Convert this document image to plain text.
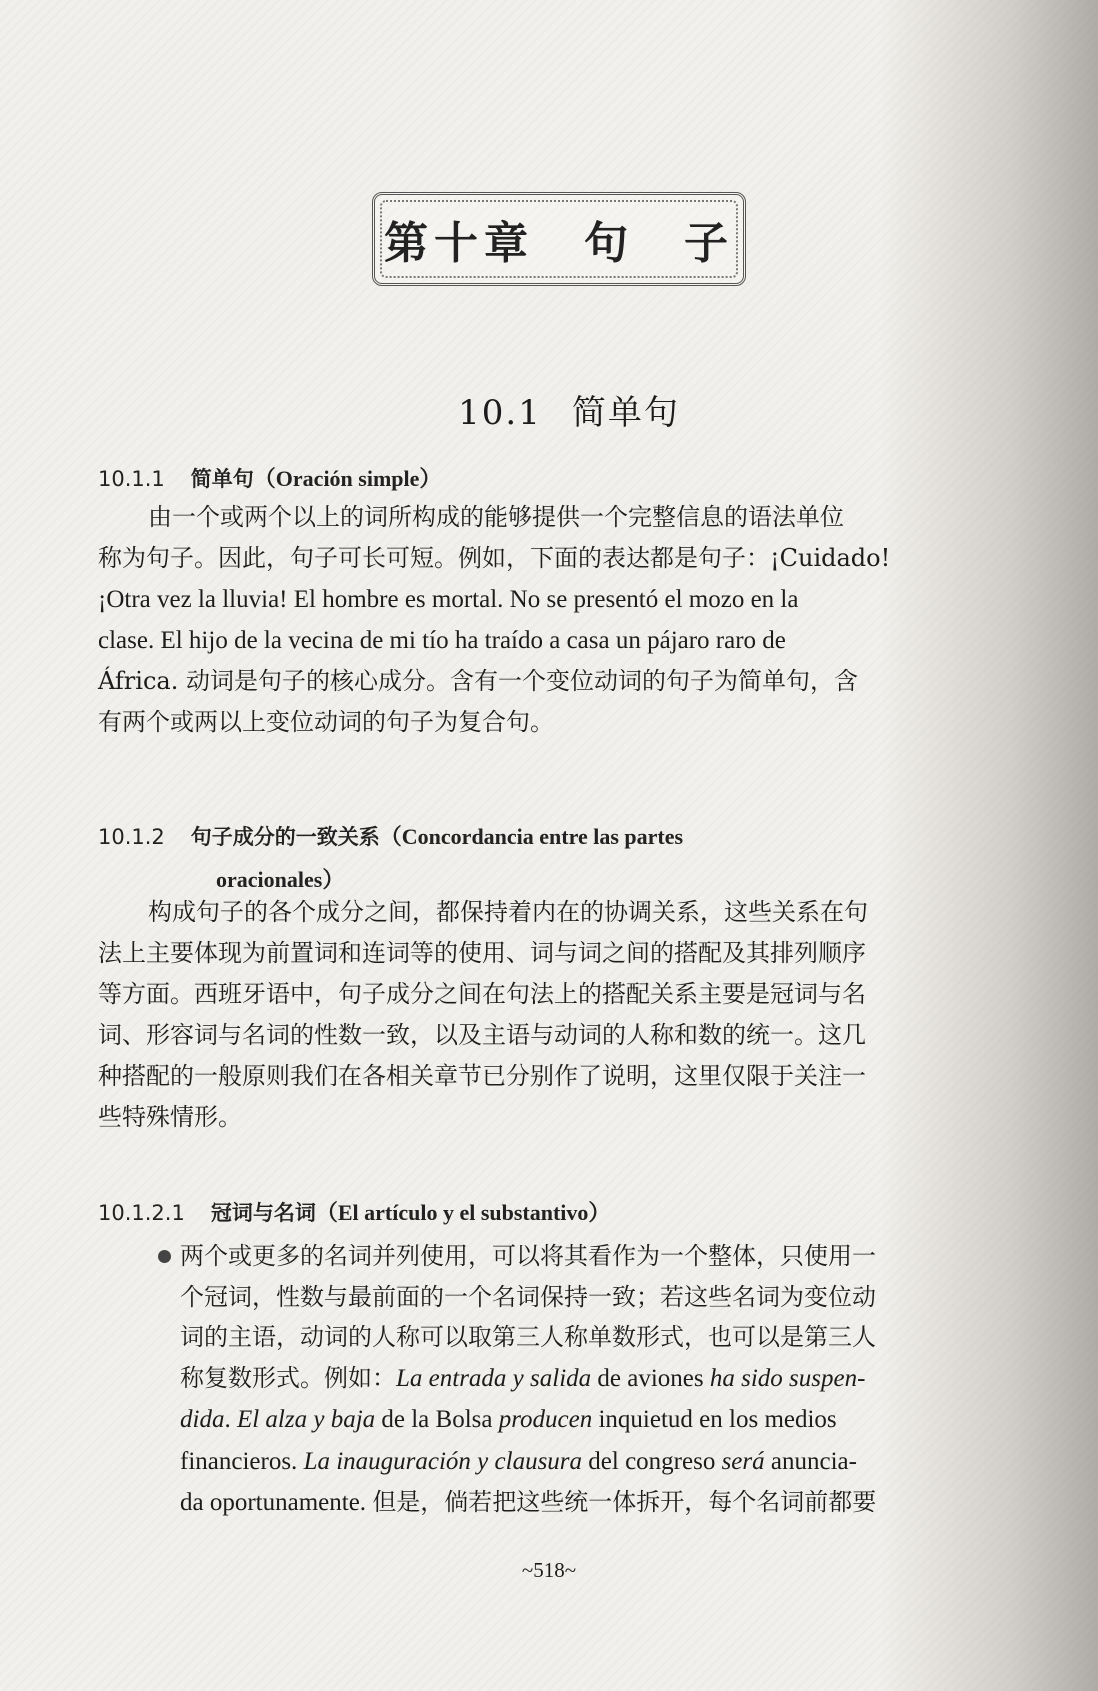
第十章　句　子
10.1 简单句
10.1.1 简单句（Oración simple）
由一个或两个以上的词所构成的能够提供一个完整信息的语法单位
称为句子。因此，句子可长可短。例如，下面的表达都是句子：¡Cuidado!
¡Otra vez la lluvia! El hombre es mortal. No se presentó el mozo en la
clase. El hijo de la vecina de mi tío ha traído a casa un pájaro raro de
África. 动词是句子的核心成分。含有一个变位动词的句子为简单句，含
有两个或两以上变位动词的句子为复合句。
10.1.2 句子成分的一致关系（Concordancia entre las partes
oracionales）
构成句子的各个成分之间，都保持着内在的协调关系，这些关系在句
法上主要体现为前置词和连词等的使用、词与词之间的搭配及其排列顺序
等方面。西班牙语中，句子成分之间在句法上的搭配关系主要是冠词与名
词、形容词与名词的性数一致，以及主语与动词的人称和数的统一。这几
种搭配的一般原则我们在各相关章节已分别作了说明，这里仅限于关注一
些特殊情形。
10.1.2.1 冠词与名词（El artículo y el substantivo）
两个或更多的名词并列使用，可以将其看作为一个整体，只使用一
个冠词，性数与最前面的一个名词保持一致；若这些名词为变位动
词的主语，动词的人称可以取第三人称单数形式，也可以是第三人
称复数形式。例如：La entrada y salida de aviones ha sido suspen-
dida. El alza y baja de la Bolsa producen inquietud en los medios
financieros. La inauguración y clausura del congreso será anuncia-
da oportunamente. 但是，倘若把这些统一体拆开，每个名词前都要
~518~
